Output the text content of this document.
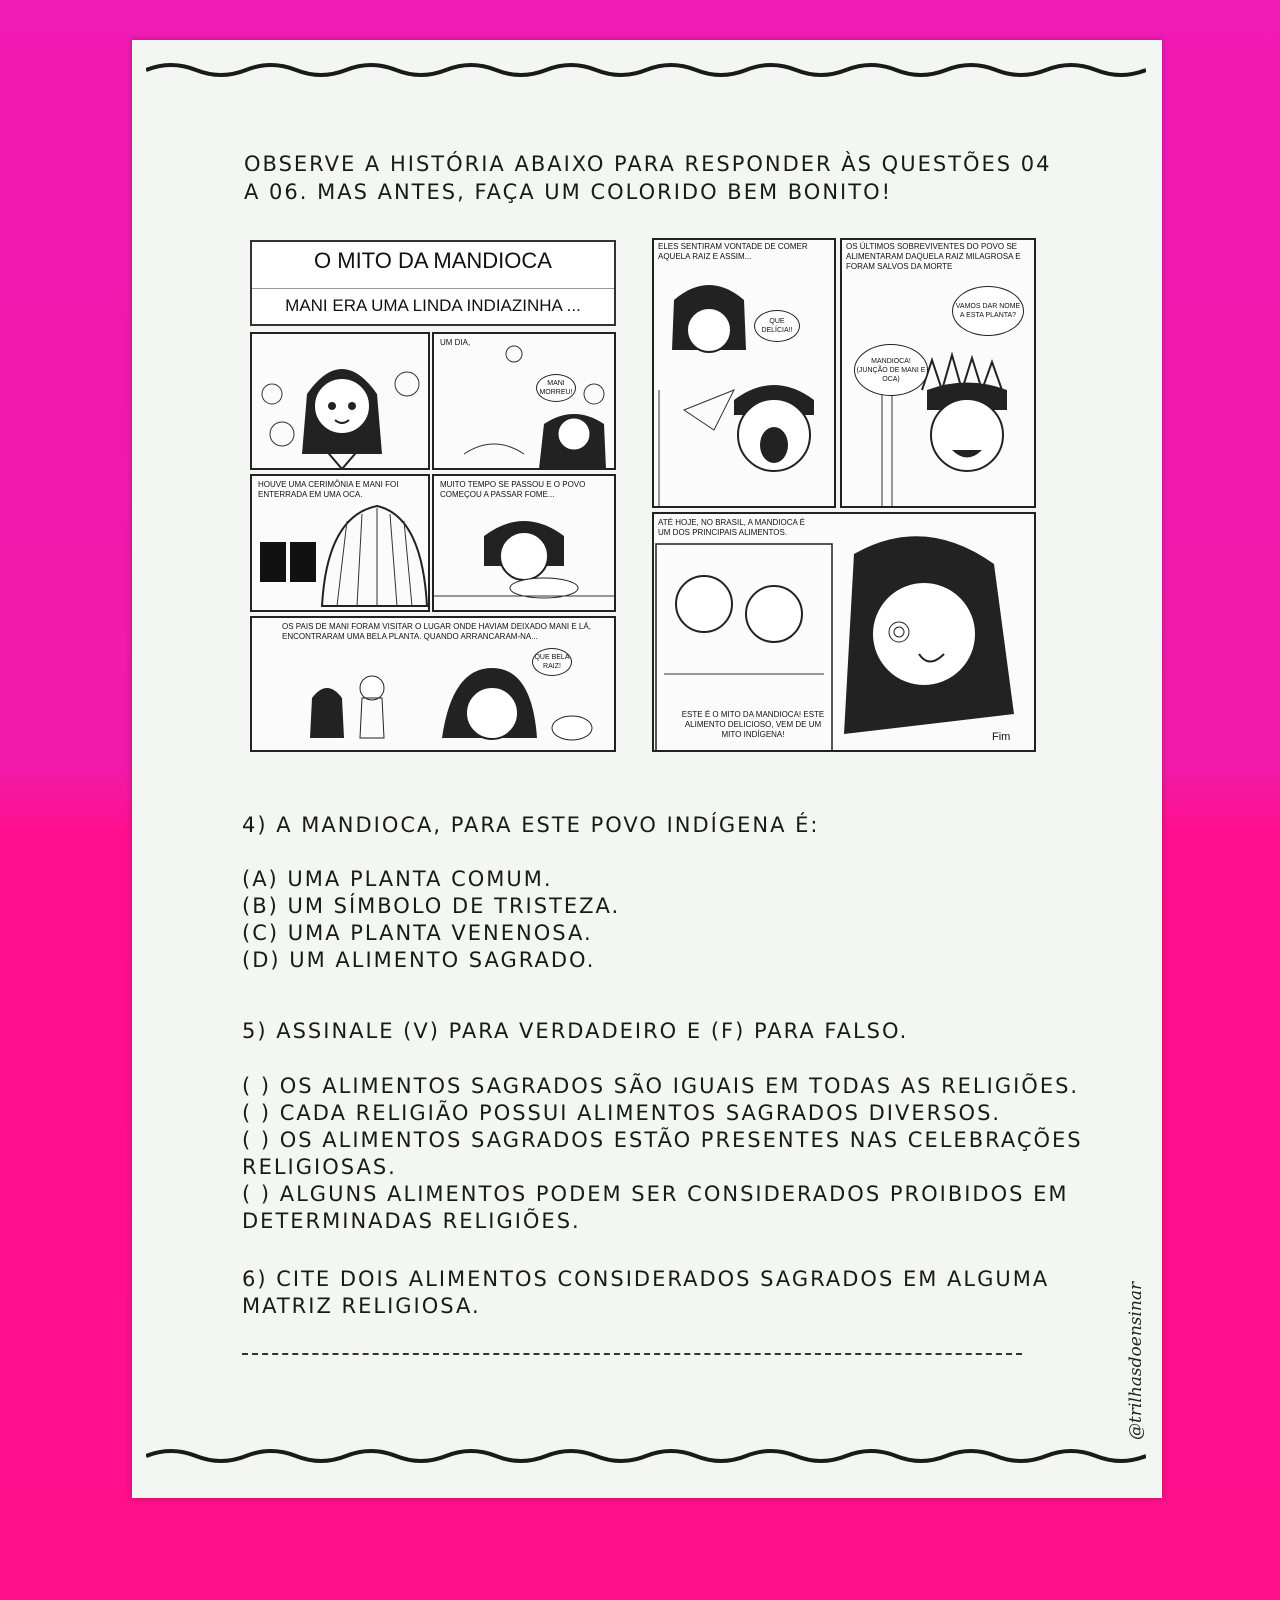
OBSERVE A HISTÓRIA ABAIXO PARA RESPONDER ÀS QUESTÕES 04 A 06. MAS ANTES, FAÇA UM COLORIDO BEM BONITO!
O MITO DA MANDIOCA
MANI ERA UMA LINDA INDIAZINHA ...
UM DIA,
MANI MORREU!
HOUVE UMA CERIMÔNIA E MANI FOI ENTERRADA EM UMA OCA.
MUITO TEMPO SE PASSOU E O POVO COMEÇOU A PASSAR FOME...
OS PAIS DE MANI FORAM VISITAR O LUGAR ONDE HAVIAM DEIXADO MANI E LÁ, ENCONTRARAM UMA BELA PLANTA. QUANDO ARRANCARAM-NA...
QUE BELA RAIZ!
ELES SENTIRAM VONTADE DE COMER AQUELA RAIZ E ASSIM...
QUE DELÍCIA!!
OS ÚLTIMOS SOBREVIVENTES DO POVO SE ALIMENTARAM DAQUELA RAIZ MILAGROSA E FORAM SALVOS DA MORTE
VAMOS DAR NOME A ESTA PLANTA?
MANDIOCA! (JUNÇÃO DE MANI E OCA)
ATÉ HOJE, NO BRASIL, A MANDIOCA É UM DOS PRINCIPAIS ALIMENTOS.
ESTE É O MITO DA MANDIOCA! ESTE ALIMENTO DELICIOSO, VEM DE UM MITO INDÍGENA!	Fim
4) A MANDIOCA, PARA ESTE POVO INDÍGENA É:
(A) UMA PLANTA COMUM.
(B) UM SÍMBOLO DE TRISTEZA.
(C) UMA PLANTA VENENOSA.
(D) UM ALIMENTO SAGRADO.
5) ASSINALE (V) PARA VERDADEIRO E (F) PARA FALSO.
( ) OS ALIMENTOS SAGRADOS SÃO IGUAIS EM TODAS AS RELIGIÕES.
( ) CADA RELIGIÃO POSSUI ALIMENTOS SAGRADOS DIVERSOS.
( ) OS ALIMENTOS SAGRADOS ESTÃO PRESENTES NAS CELEBRAÇÕES
RELIGIOSAS.
( ) ALGUNS ALIMENTOS PODEM SER CONSIDERADOS PROIBIDOS EM
DETERMINADAS RELIGIÕES.
6) CITE DOIS ALIMENTOS CONSIDERADOS SAGRADOS EM ALGUMA
MATRIZ RELIGIOSA.	@trilhasdoensinar
